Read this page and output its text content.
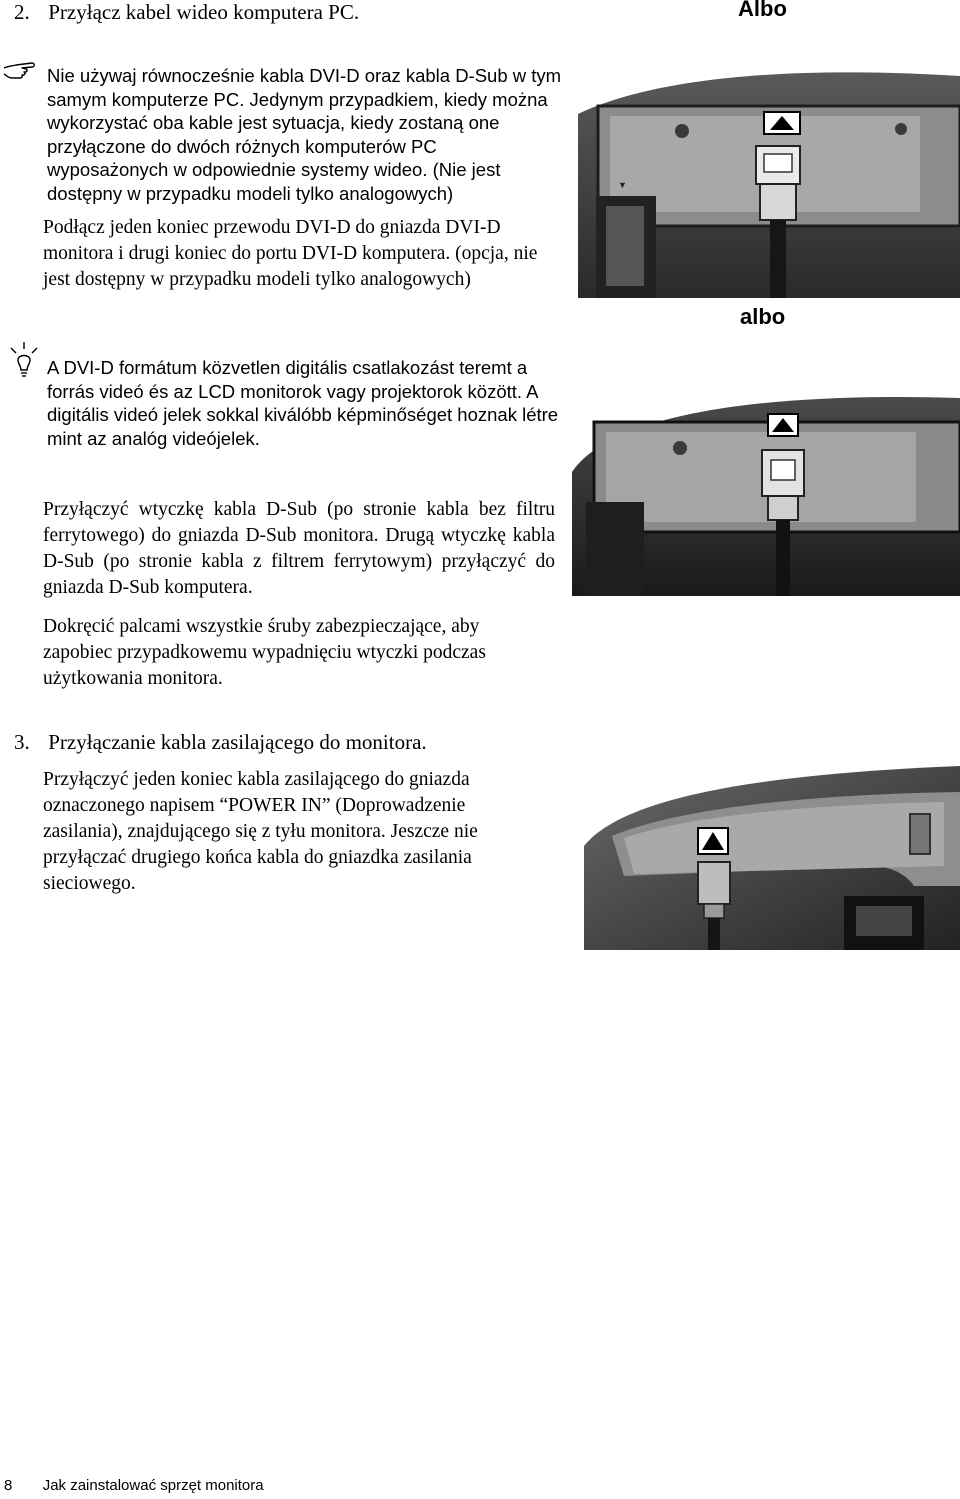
2. Przyłącz kabel wideo komputera PC.	Albo
Nie używaj równocześnie kabla DVI-D oraz kabla D-Sub w tym samym komputerze PC. Jedynym przypadkiem, kiedy można wykorzystać oba kable jest sytuacja, kiedy zostaną one przyłączone do dwóch różnych komputerów PC wyposażonych w odpowiednie systemy wideo. (Nie jest dostępny w przypadku modeli tylko analogowych)
Podłącz jeden koniec przewodu DVI-D do gniazda DVI-D monitora i drugi koniec do portu DVI-D komputera. (opcja, nie jest dostępny w przypadku modeli tylko analogowych)
albo
A DVI-D formátum közvetlen digitális csatlakozást teremt a forrás videó és az LCD monitorok vagy projektorok között. A digitális videó jelek sokkal kiválóbb képminőséget hoznak létre mint az analóg videójelek.
Przyłączyć wtyczkę kabla D-Sub (po stronie kabla bez filtru ferrytowego) do gniazda D-Sub monitora. Drugą wtyczkę kabla D-Sub (po stronie kabla z filtrem ferrytowym) przyłączyć do gniazda D-Sub komputera.
Dokręcić palcami wszystkie śruby zabezpieczające, aby zapobiec przypadkowemu wypadnięciu wtyczki podczas użytkowania monitora.
3. Przyłączanie kabla zasilającego do monitora.
Przyłączyć jeden koniec kabla zasilającego do gniazda oznaczonego napisem “POWER IN” (Doprowadzenie zasilania), znajdującego się z tyłu monitora. Jeszcze nie przyłączać drugiego końca kabla do gniazdka zasilania sieciowego.
▼
8 Jak zainstalować sprzęt monitora
